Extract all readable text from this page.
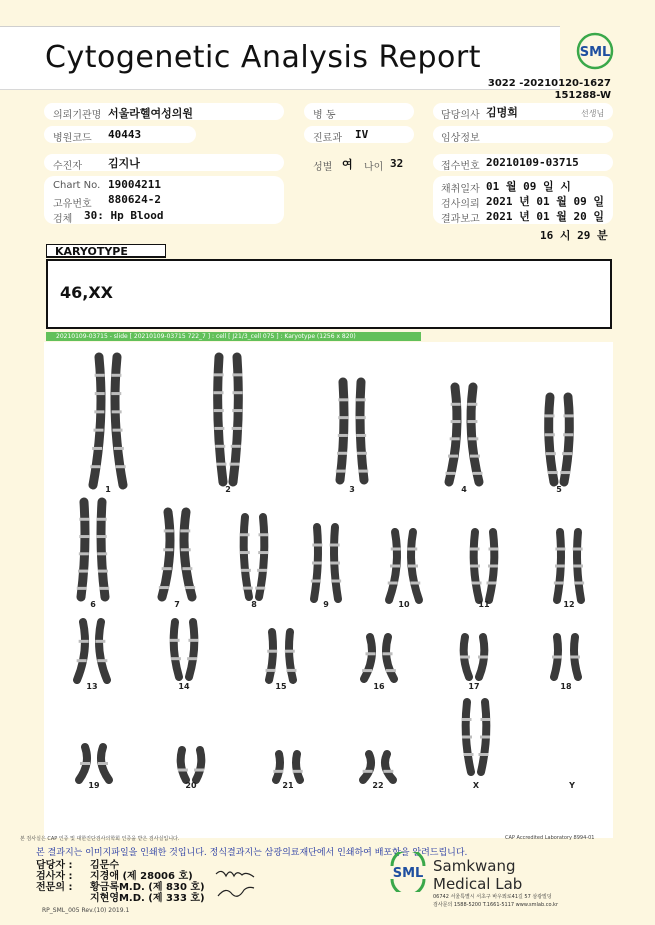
Cytogenetic Analysis Report	SML
3022 -20210120-1627
151288-W
의뢰기관명 서울라헬여성의원	병 동	담당의사 김명희	선생님
병원코드 40443	진료과 IV	임상정보
수진자 김지나	성별 여 나이 32	접수번호 20210109-03715
Chart No. 19004211
고유번호 880624-2
검체 30: Hp Blood
채취일자 01 월 09 일 시
검사의뢰 2021 년 01 월 09 일
결과보고 2021 년 01 월 20 일
16 시 29 분
KARYOTYPE
46,XX
20210109-03715 - slide [ 20210109-03715 722_7 ] : cell [ J21/3_cell 075 ] : Karyotype (1256 x 820)
1	2	3	4	5
6	7	8	9	10	11	12
13	14	15	16	17	18
19	20	21	22	X	Y
본 검사실은 CAP 인증 및 대한진단검사의학회 인증을 받은 검사실입니다.	CAP Accredited Laboratory 8994-01
본 결과지는 이미지파일을 인쇄한 것입니다. 정식결과지는 삼광의료재단에서 인쇄하여 배포함을 알려드립니다.
담당자 : 김문수
검사자 : 지경애 (제 28006 호)
전문의 : 황금록M.D. (제 830 호)
지현영M.D. (제 333 호)
RP_SML_005 Rev.(10) 2019.1
SML Samkwang
Medical Lab
06742 서울특별시 서초구 바우뫼로41길 57 삼광빌딩
검사문의 1588-5200 T.1661-5117 www.smlab.co.kr
